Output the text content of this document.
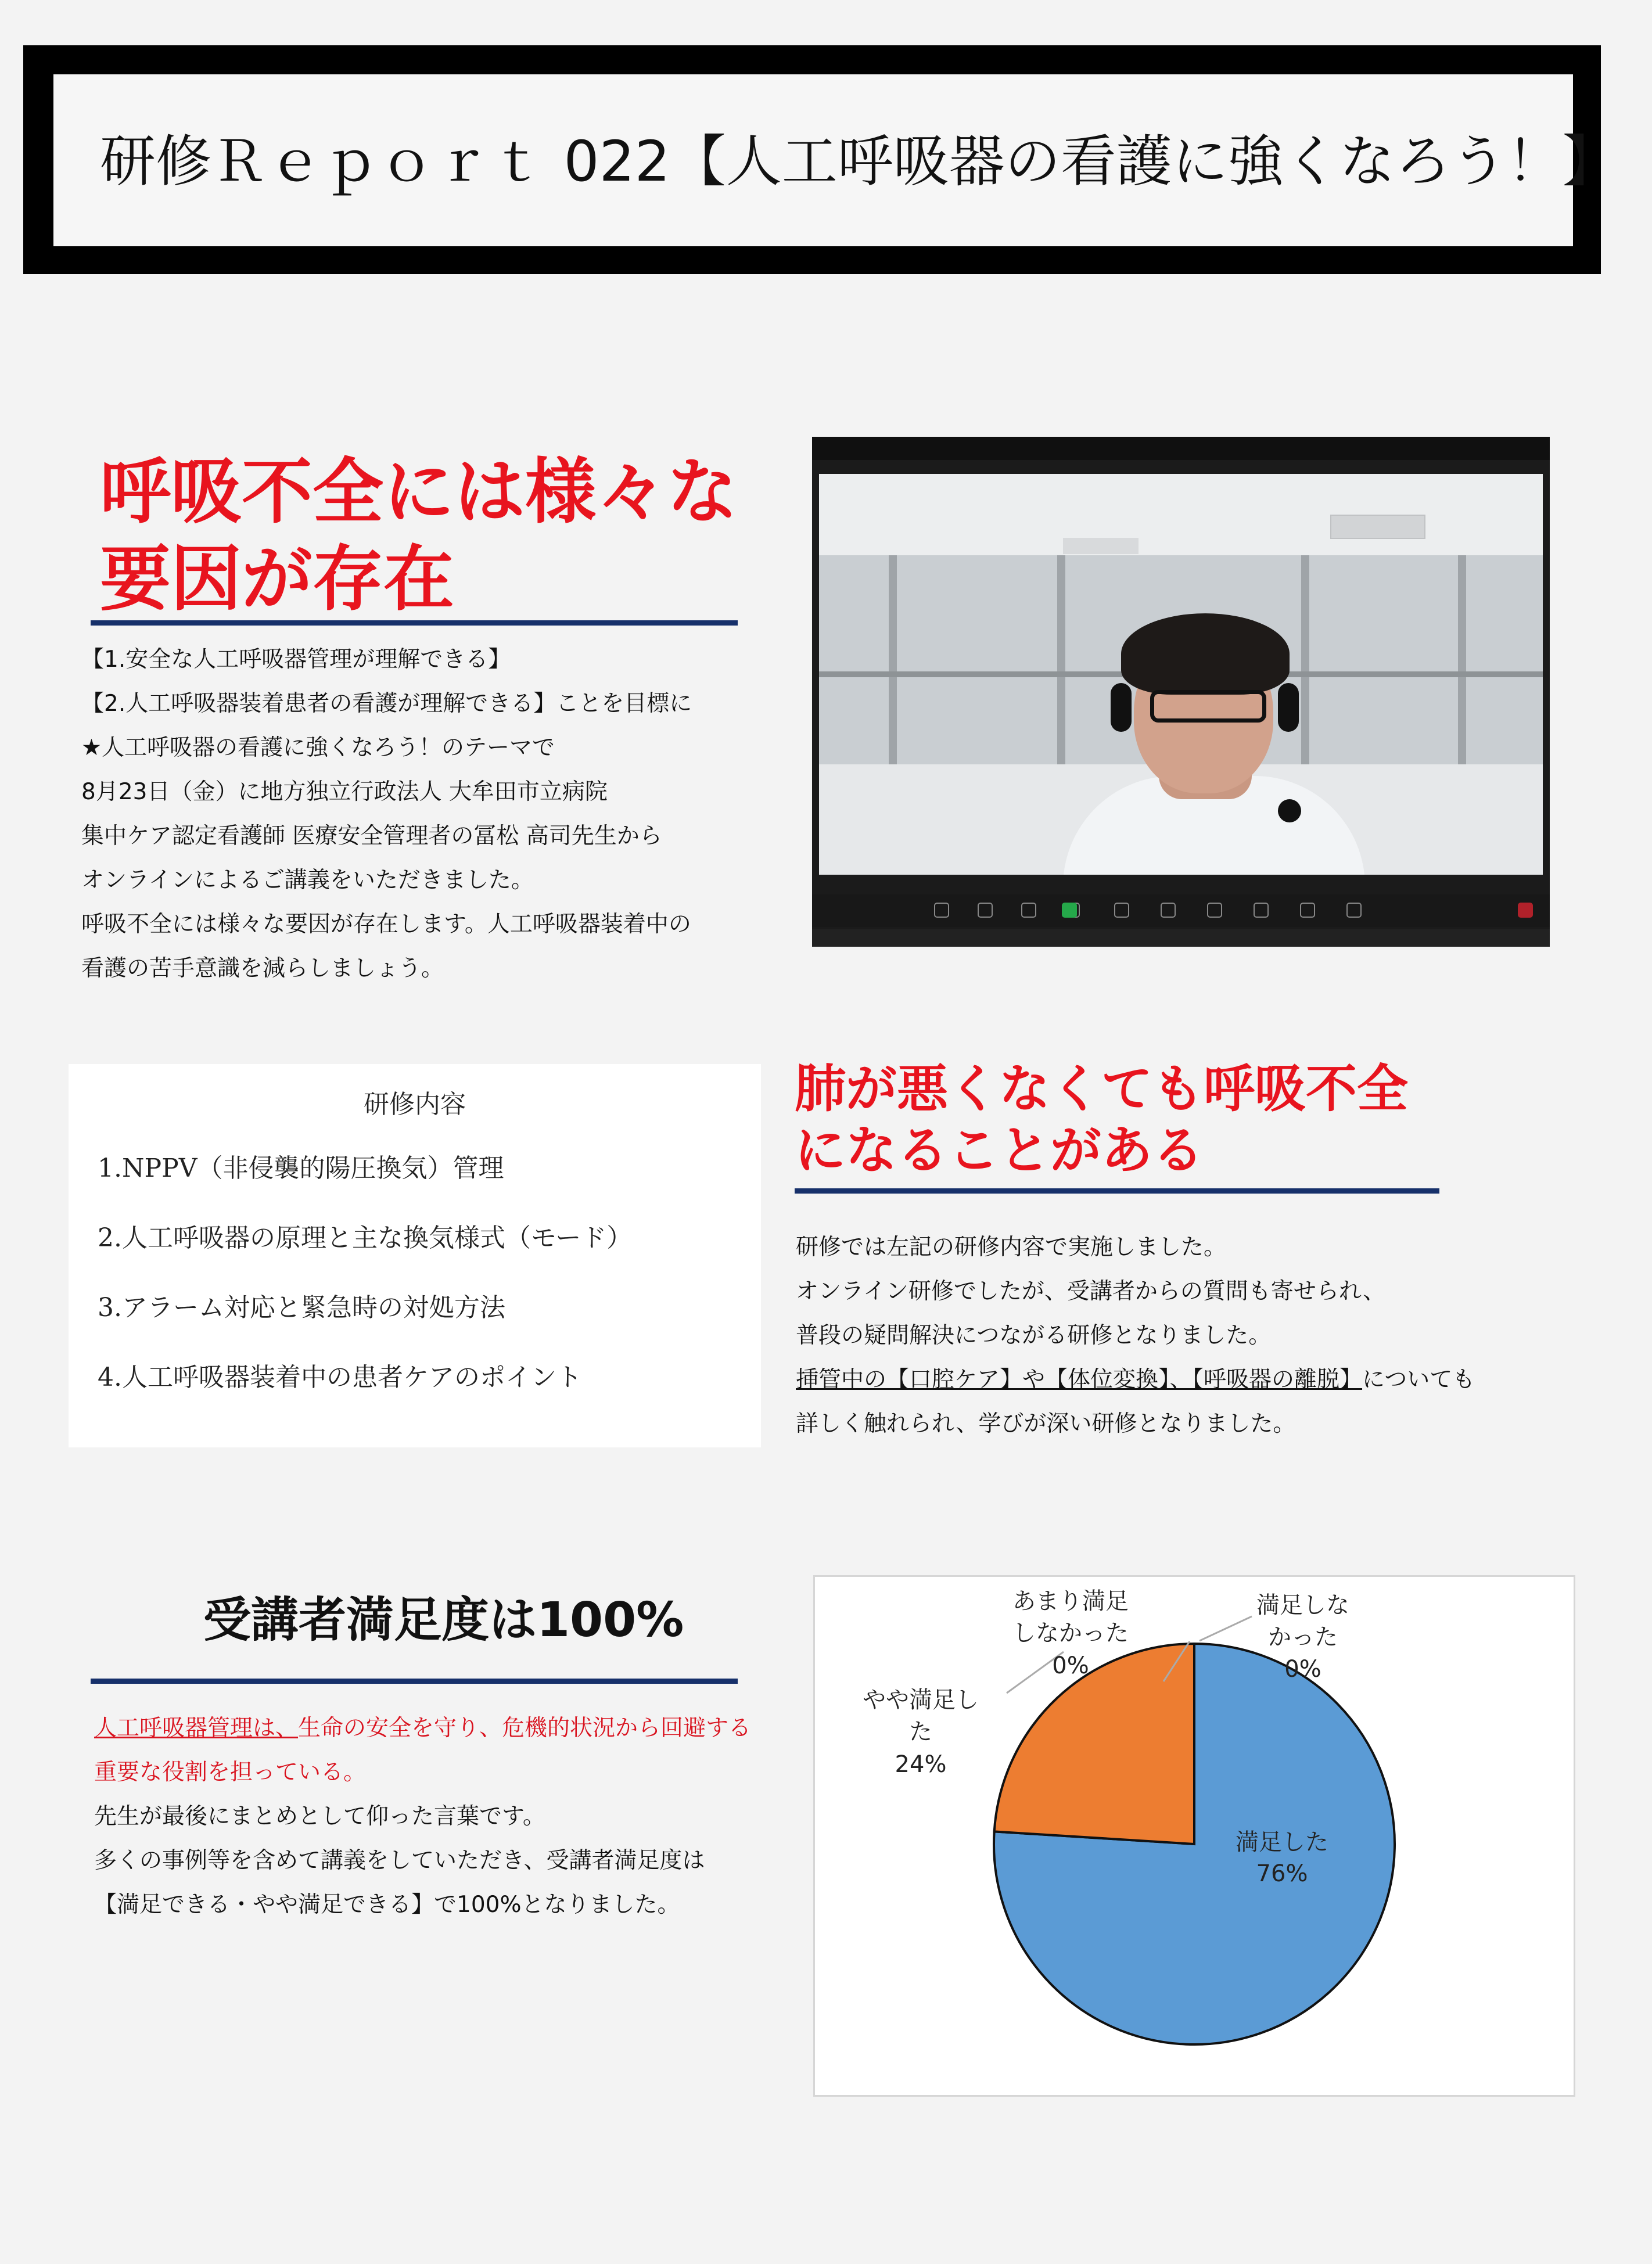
研修Ｒｅｐｏｒｔ 022【人工呼吸器の看護に強くなろう！】
呼吸不全には様々な
要因が存在
【1.安全な人工呼吸器管理が理解できる】
【2.人工呼吸器装着患者の看護が理解できる】ことを目標に
★人工呼吸器の看護に強くなろう！のテーマで
8月23日（金）に地方独立行政法人 大牟田市立病院
集中ケア認定看護師 医療安全管理者の冨松 高司先生から
オンラインによるご講義をいただきました。
呼吸不全には様々な要因が存在します。人工呼吸器装着中の
看護の苦手意識を減らしましょう。
研修内容
1.NPPV（非侵襲的陽圧換気）管理
2.人工呼吸器の原理と主な換気様式（モード）
3.アラーム対応と緊急時の対処方法
4.人工呼吸器装着中の患者ケアのポイント
肺が悪くなくても呼吸不全
になることがある
研修では左記の研修内容で実施しました。
オンライン研修でしたが、受講者からの質問も寄せられ、
普段の疑問解決につながる研修となりました。
挿管中の【口腔ケア】や【体位変換】、【呼吸器の離脱】についても
詳しく触れられ、学びが深い研修となりました。
受講者満足度は100%
人工呼吸器管理は、生命の安全を守り、危機的状況から回避する
重要な役割を担っている。
先生が最後にまとめとして仰った言葉です。
多くの事例等を含めて講義をしていただき、受講者満足度は
【満足できる・やや満足できる】で100%となりました。
満足した
76%
やや満足し
た
24%
あまり満足
しなかった
0%
満足しな
かった
0%
